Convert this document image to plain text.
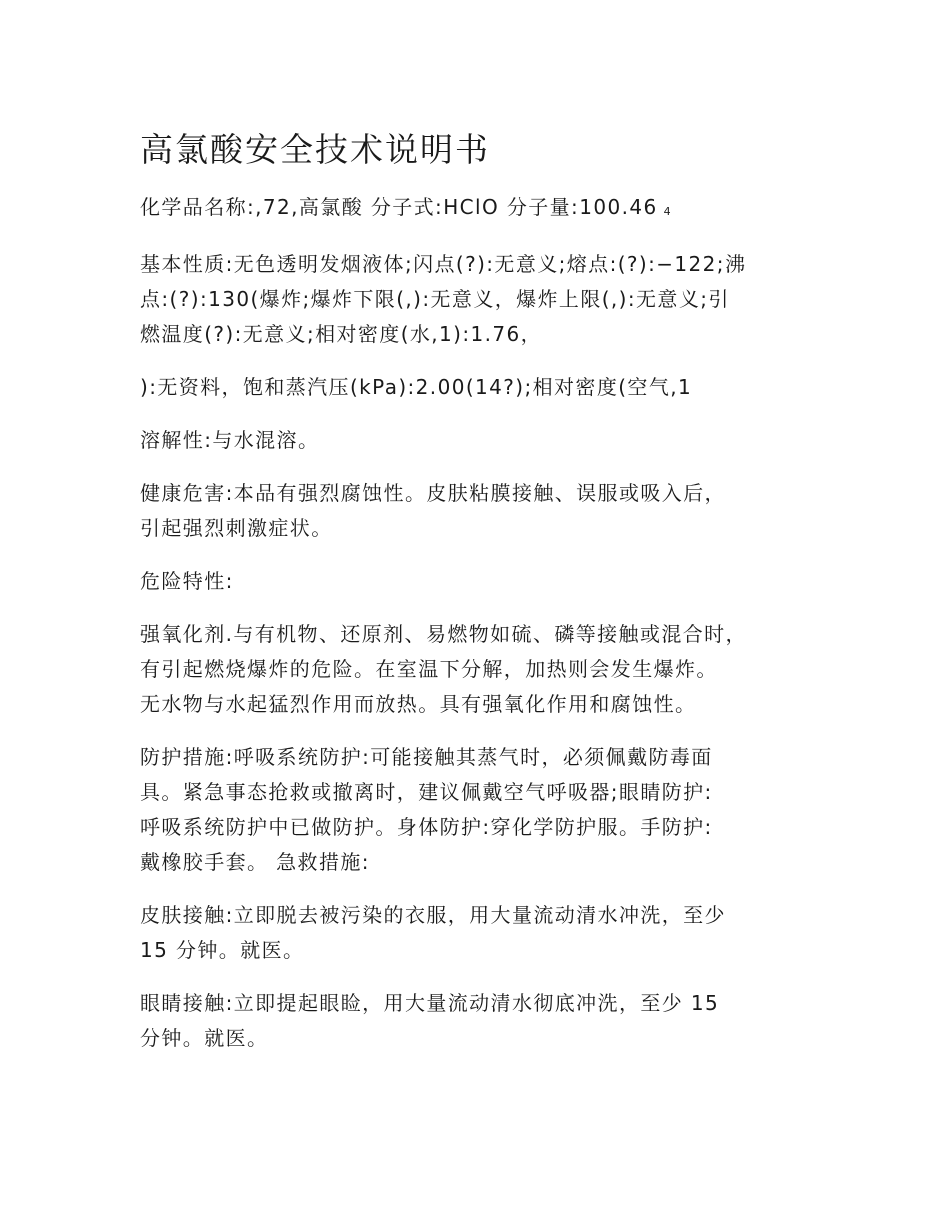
高氯酸安全技术说明书

化学品名称:,72,高氯酸 分子式:HClO 分子量:100.46 4

基本性质:无色透明发烟液体;闪点(?):无意义;熔点:(?):−122;沸
点:(?):130(爆炸;爆炸下限(,):无意义，爆炸上限(,):无意义;引
燃温度(?):无意义;相对密度(水,1):1.76，

):无资料，饱和蒸汽压(kPa):2.00(14?);相对密度(空气,1

溶解性:与水混溶。

健康危害:本品有强烈腐蚀性。皮肤粘膜接触、误服或吸入后，
引起强烈刺激症状。

危险特性:

强氧化剂.与有机物、还原剂、易燃物如硫、磷等接触或混合时，
有引起燃烧爆炸的危险。在室温下分解，加热则会发生爆炸。
无水物与水起猛烈作用而放热。具有强氧化作用和腐蚀性。

防护措施:呼吸系统防护:可能接触其蒸气时，必须佩戴防毒面
具。紧急事态抢救或撤离时，建议佩戴空气呼吸器;眼睛防护:
呼吸系统防护中已做防护。身体防护:穿化学防护服。手防护:
戴橡胶手套。 急救措施:

皮肤接触:立即脱去被污染的衣服，用大量流动清水冲洗，至少
15 分钟。就医。

眼睛接触:立即提起眼睑，用大量流动清水彻底冲洗，至少 15
分钟。就医。
